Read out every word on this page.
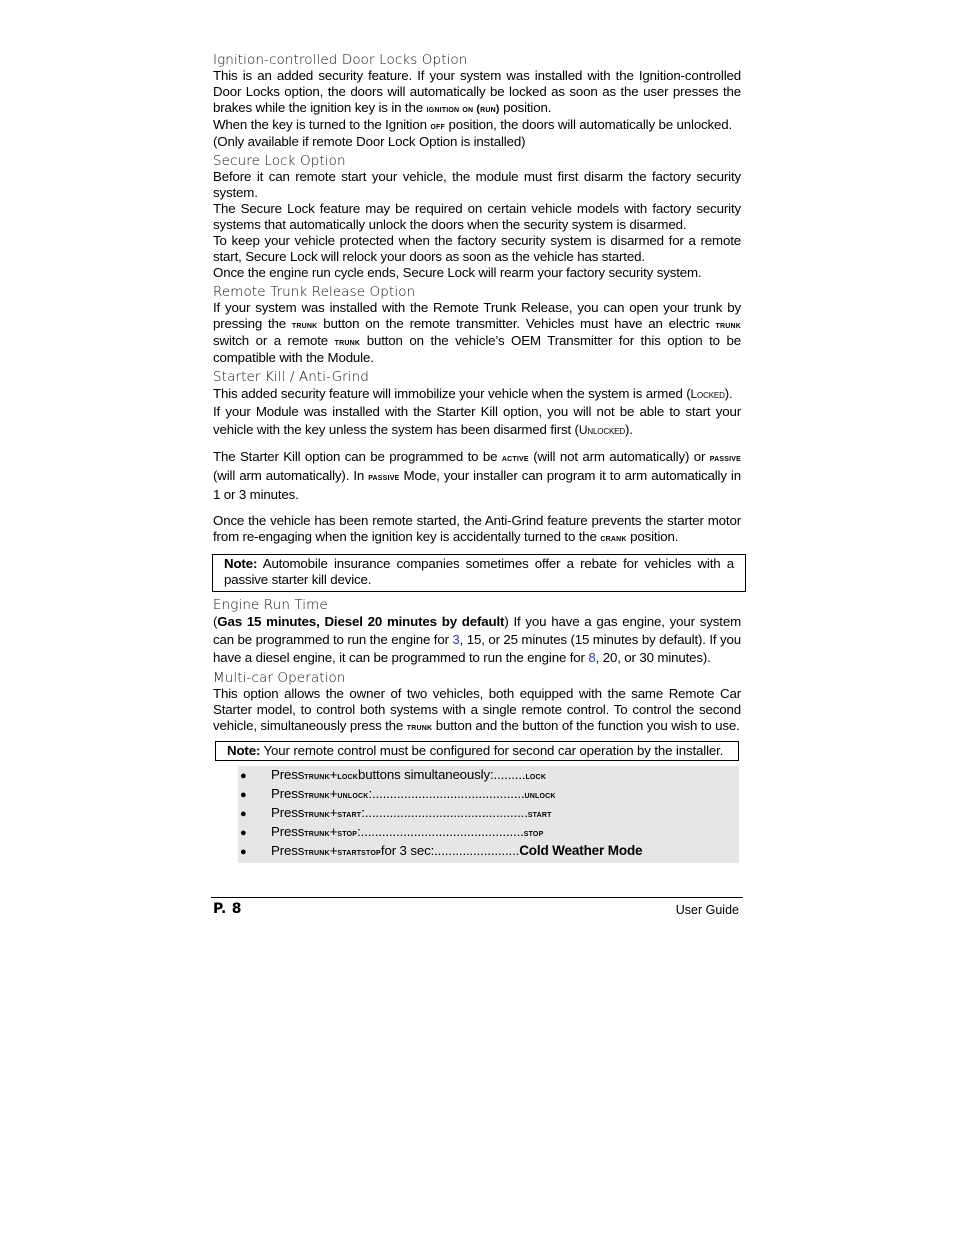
Ignition-controlled Door Locks Option

This is an added security feature. If your system was installed with the Ignition-controlled Door Locks option, the doors will automatically be locked as soon as the user presses the brakes while the ignition key is in the ignition on (run) position.

When the key is turned to the Ignition off position, the doors will automatically be unlocked.

(Only available if remote Door Lock Option is installed)

Secure Lock Option

Before it can remote start your vehicle, the module must first disarm the factory security system.

The Secure Lock feature may be required on certain vehicle models with factory security systems that automatically unlock the doors when the security system is disarmed.

To keep your vehicle protected when the factory security system is disarmed for a remote start, Secure Lock will relock your doors as soon as the vehicle has started.

Once the engine run cycle ends, Secure Lock will rearm your factory security system.

Remote Trunk Release Option

If your system was installed with the Remote Trunk Release, you can open your trunk by pressing the trunk button on the remote transmitter. Vehicles must have an electric trunk switch or a remote trunk button on the vehicle’s OEM Transmitter for this option to be compatible with the Module.

Starter Kill / Anti-Grind

This added security feature will immobilize your vehicle when the system is armed (Locked).

If your Module was installed with the Starter Kill option, you will not be able to start your vehicle with the key unless the system has been disarmed first (Unlocked).

The Starter Kill option can be programmed to be active (will not arm automatically) or passive (will arm automatically). In passive Mode, your installer can program it to arm automatically in 1 or 3 minutes.

Once the vehicle has been remote started, the Anti-Grind feature prevents the starter motor from re-engaging when the ignition key is accidentally turned to the crank position.

Note: Automobile insurance companies sometimes offer a rebate for vehicles with a passive starter kill device.
Engine Run Time

(Gas 15 minutes, Diesel 20 minutes by default) If you have a gas engine, your system can be programmed to run the engine for 3, 15, or 25 minutes (15 minutes by default). If you have a diesel engine, it can be programmed to run the engine for 8, 20, or 30 minutes).

Multi-car Operation

This option allows the owner of two vehicles, both equipped with the same Remote Car Starter model, to control both systems with a single remote control. To control the second vehicle, simultaneously press the trunk button and the button of the function you wish to use.

Note: Your remote control must be configured for second car operation by the installer.
●	Press trunk + lock buttons simultaneously: ......... lock
●	Press trunk + unlock : ........................................... unlock
●	Press trunk + start : .............................................. start
●	Press trunk + stop : .............................................. stop
●	Press trunk + startstop for 3 sec: ........................ Cold Weather Mode
P. 8	User Guide
